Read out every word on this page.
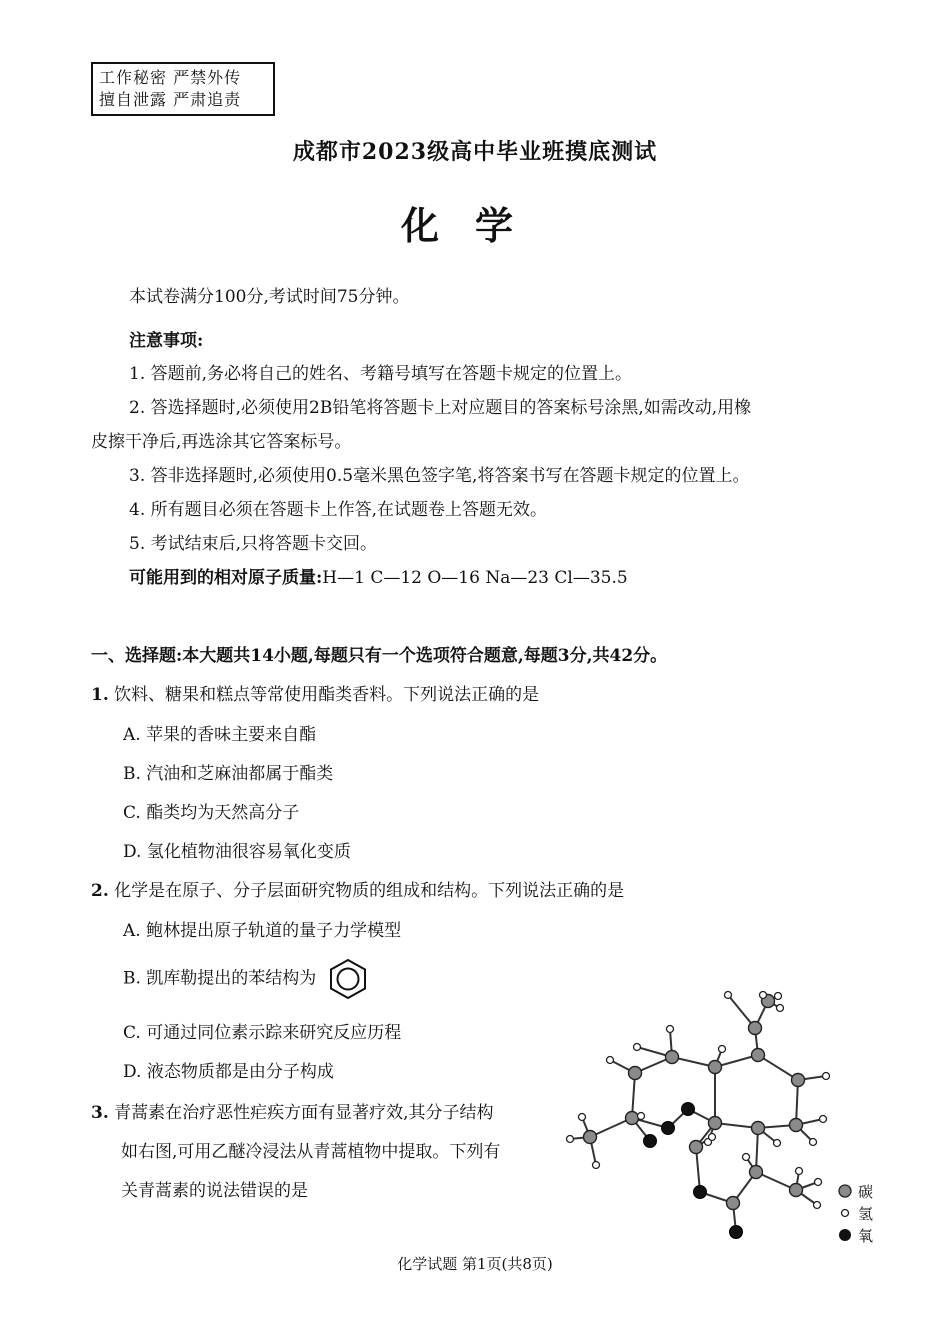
工作秘密 严禁外传
擅自泄露 严肃追责
成都市2023级高中毕业班摸底测试
化学
本试卷满分100分,考试时间75分钟。
注意事项:
1. 答题前,务必将自己的姓名、考籍号填写在答题卡规定的位置上。
2. 答选择题时,必须使用2B铅笔将答题卡上对应题目的答案标号涂黑,如需改动,用橡
皮擦干净后,再选涂其它答案标号。
3. 答非选择题时,必须使用0.5毫米黑色签字笔,将答案书写在答题卡规定的位置上。
4. 所有题目必须在答题卡上作答,在试题卷上答题无效。
5. 考试结束后,只将答题卡交回。
可能用到的相对原子质量:H—1 C—12 O—16 Na—23 Cl—35.5
一、选择题:本大题共14小题,每题只有一个选项符合题意,每题3分,共42分。
1. 饮料、糖果和糕点等常使用酯类香料。下列说法正确的是
A. 苹果的香味主要来自酯
B. 汽油和芝麻油都属于酯类
C. 酯类均为天然高分子
D. 氢化植物油很容易氧化变质
2. 化学是在原子、分子层面研究物质的组成和结构。下列说法正确的是
A. 鲍林提出原子轨道的量子力学模型
B. 凯库勒提出的苯结构为
C. 可通过同位素示踪来研究反应历程
D. 液态物质都是由分子构成
3. 青蒿素在治疗恶性疟疾方面有显著疗效,其分子结构
如右图,可用乙醚冷浸法从青蒿植物中提取。下列有
关青蒿素的说法错误的是	碳
氢
氧
化学试题 第1页(共8页)
